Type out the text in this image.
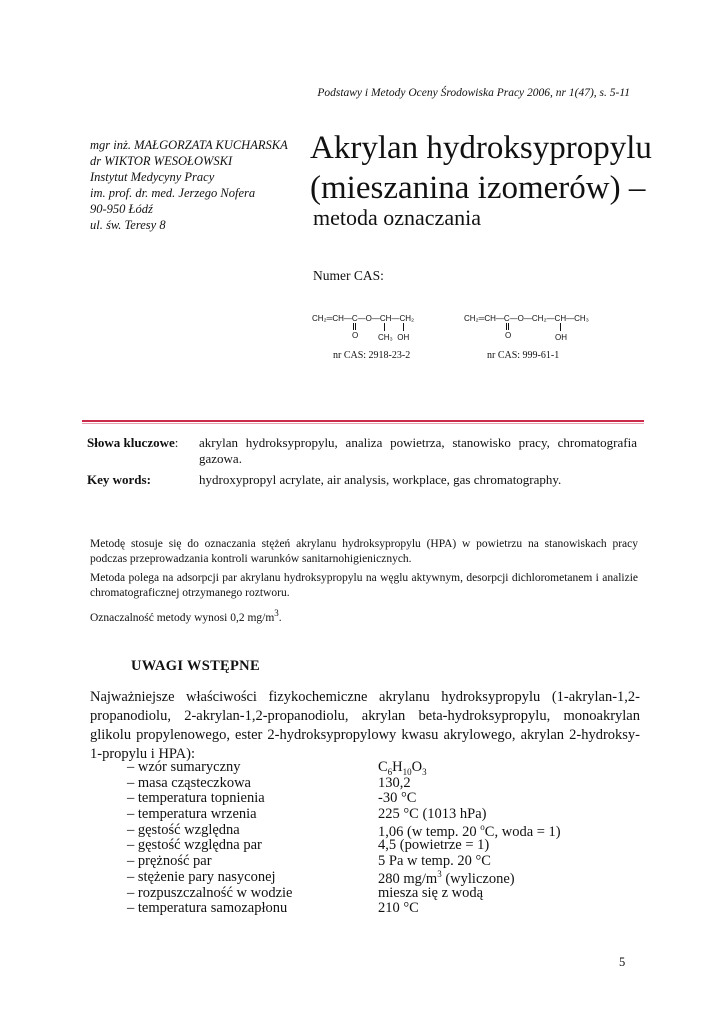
Podstawy i Metody Oceny Środowiska Pracy 2006, nr 1(47), s. 5-11
mgr inż. MAŁGORZATA KUCHARSKA
dr WIKTOR WESOŁOWSKI
Instytut Medycyny Pracy
im. prof. dr. med. Jerzego Nofera
90-950 Łódź
ul. św. Teresy 8
Akrylan hydroksypropylu
(mieszanina izomerów) –
metoda oznaczania
Numer CAS:
CH₂═CH—C—O—CH—CH₂
O CH₃  OH
nr CAS: 2918-23-2
CH₂═CH—C—O—CH₂—CH—CH₃
O	OH
nr CAS: 999-61-1
Słowa kluczowe: akrylan hydroksypropylu, analiza powietrza, stanowisko pracy, chromatografia gazowa.
Key words:	hydroxypropyl acrylate, air analysis, workplace, gas chromatography.
Metodę stosuje się do oznaczania stężeń akrylanu hydroksypropylu (HPA) w powietrzu na stanowiskach pracy podczas przeprowadzania kontroli warunków sanitarnohigienicznych.
Metoda polega na adsorpcji par akrylanu hydroksypropylu na węglu aktywnym, desorpcji dichlorometanem i analizie chromatograficznej otrzymanego roztworu.
Oznaczalność metody wynosi 0,2 $mg/m^3$.
UWAGI WSTĘPNE
Najważniejsze właściwości fizykochemiczne akrylanu hydroksypropylu (1-akrylan-1,2-propanodiolu, 2-akrylan-1,2-propanodiolu, akrylan beta-hydroksypropylu, monoakrylan glikolu propylenowego, ester 2-hydroksypropylowy kwasu akrylowego, akrylan 2-hydroksy-1-propylu i HPA):
– wzór sumaryczny	$C_6H_{10}O_3$
– masa cząsteczkowa	130,2
– temperatura topnienia	-30 °C
– temperatura wrzenia	225 °C (1013 hPa)
– gęstość względna	1,06 (w temp. 20 $^o$C, woda = 1)
– gęstość względna par	4,5 (powietrze = 1)
– prężność par	5 Pa w temp. 20 °C
– stężenie pary nasyconej	280 $mg/m^3$ (wyliczone)
– rozpuszczalność w wodzie	miesza się z wodą
– temperatura samozapłonu	210 °C
5
